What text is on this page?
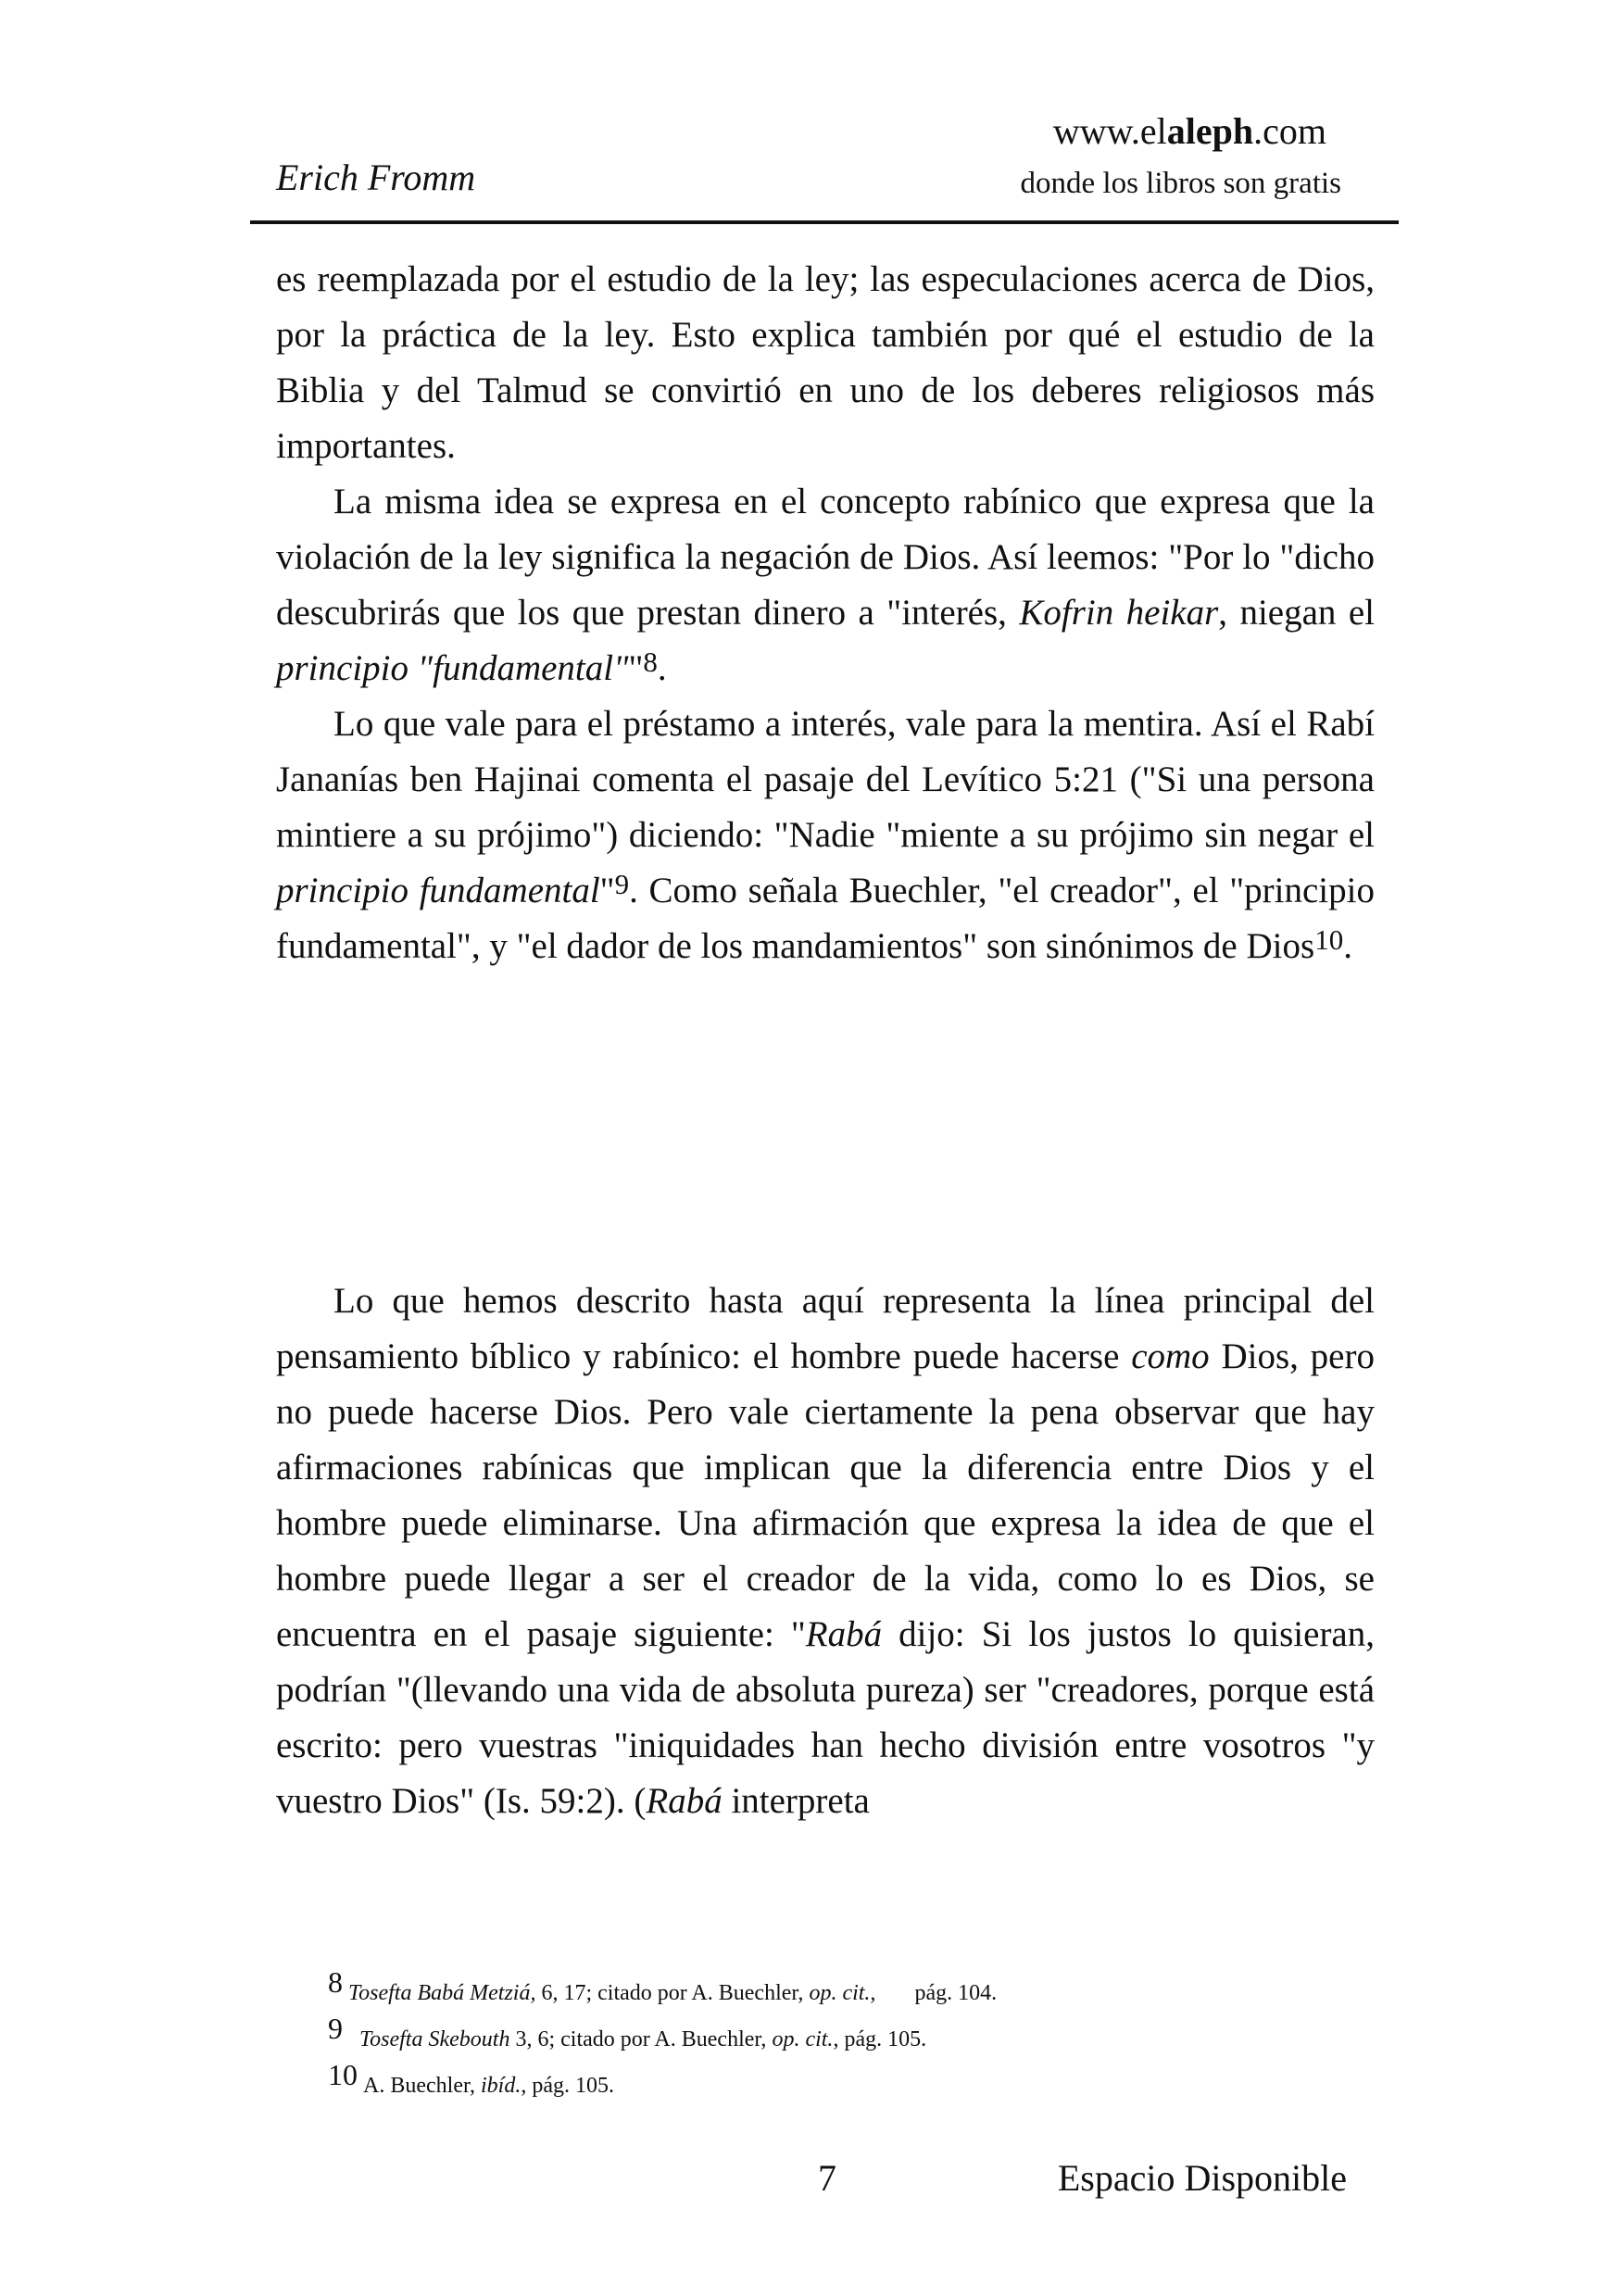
Erich Fromm
www.elaleph.com
donde los libros son gratis

es reemplazada por el estudio de la ley; las especulaciones acerca de Dios, por la práctica de la ley. Esto explica también por qué el estudio de la Biblia y del Talmud se convirtió en uno de los deberes religiosos más importantes.

La misma idea se expresa en el concepto rabínico que expresa que la violación de la ley significa la negación de Dios. Así leemos: "Por lo "dicho descubrirás que los que prestan dinero a "interés, Kofrin heikar, niegan el principio "fundamental""$^8$.

Lo que vale para el préstamo a interés, vale para la mentira. Así el Rabí Jananías ben Hajinai comenta el pasaje del Levítico 5:21 ("Si una persona mintiere a su prójimo") diciendo: "Nadie "miente a su prójimo sin negar el principio fundamental"$^9$. Como señala Buechler, "el creador", el "principio fundamental", y "el dador de los mandamientos" son sinónimos de Dios$^{10}$.

Lo que hemos descrito hasta aquí representa la línea principal del pensamiento bíblico y rabínico: el hombre puede hacerse como Dios, pero no puede hacerse Dios. Pero vale ciertamente la pena observar que hay afirmaciones rabínicas que implican que la diferencia entre Dios y el hombre puede eliminarse. Una afirmación que expresa la idea de que el hombre puede llegar a ser el creador de la vida, como lo es Dios, se encuentra en el pasaje siguiente: "Rabá dijo: Si los justos lo quisieran, podrían "(llevando una vida de absoluta pureza) ser "creadores, porque está escrito: pero vuestras "iniquidades han hecho división entre vosotros "y vuestro Dios" (Is. 59:2). (Rabá interpreta

8 Tosefta Babá Metziá, 6, 17; citado por A. Buechler, op. cit., pág. 104.
9 Tosefta Skebouth 3, 6; citado por A. Buechler, op. cit., pág. 105.
10 A. Buechler, ibíd., pág. 105.
7	Espacio Disponible
